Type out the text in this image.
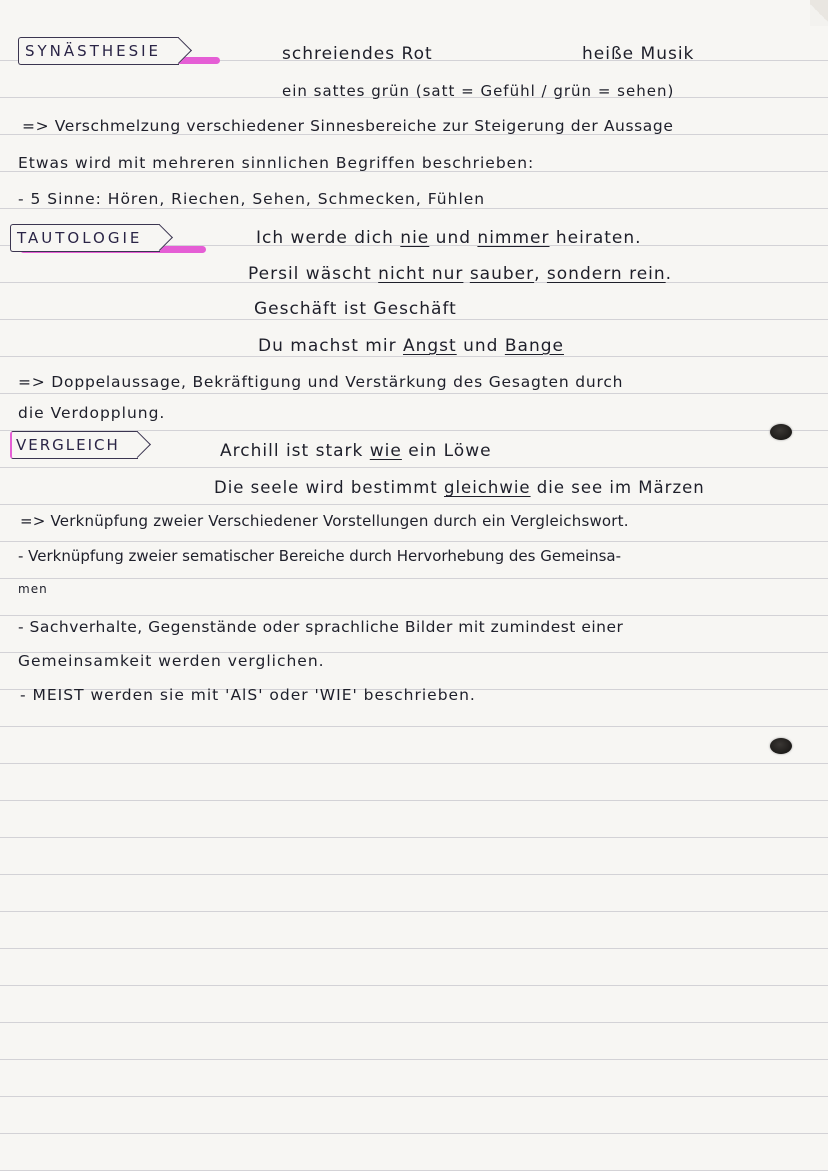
SYNÄSTHESIE	schreiendes Rot	heiße Musik
ein sattes grün (satt = Gefühl / grün = sehen)
=> Verschmelzung verschiedener Sinnesbereiche zur Steigerung der Aussage
Etwas wird mit mehreren sinnlichen Begriffen beschrieben:
- 5 Sinne: Hören, Riechen, Sehen, Schmecken, Fühlen
TAUTOLOGIE	Ich werde dich nie und nimmer heiraten.
Persil wäscht nicht nur sauber, sondern rein.
Geschäft ist Geschäft
Du machst mir Angst und Bange
=> Doppelaussage, Bekräftigung und Verstärkung des Gesagten durch
die Verdopplung.
VERGLEICH	Archill ist stark wie ein Löwe
Die seele wird bestimmt gleichwie die see im Märzen
=> Verknüpfung zweier Verschiedener Vorstellungen durch ein Vergleichswort.
- Verknüpfung zweier sematischer Bereiche durch Hervorhebung des Gemeinsa-
men
- Sachverhalte, Gegenstände oder sprachliche Bilder mit zumindest einer
Gemeinsamkeit werden verglichen.
- MEIST werden sie mit 'AlS' oder 'WIE' beschrieben.
